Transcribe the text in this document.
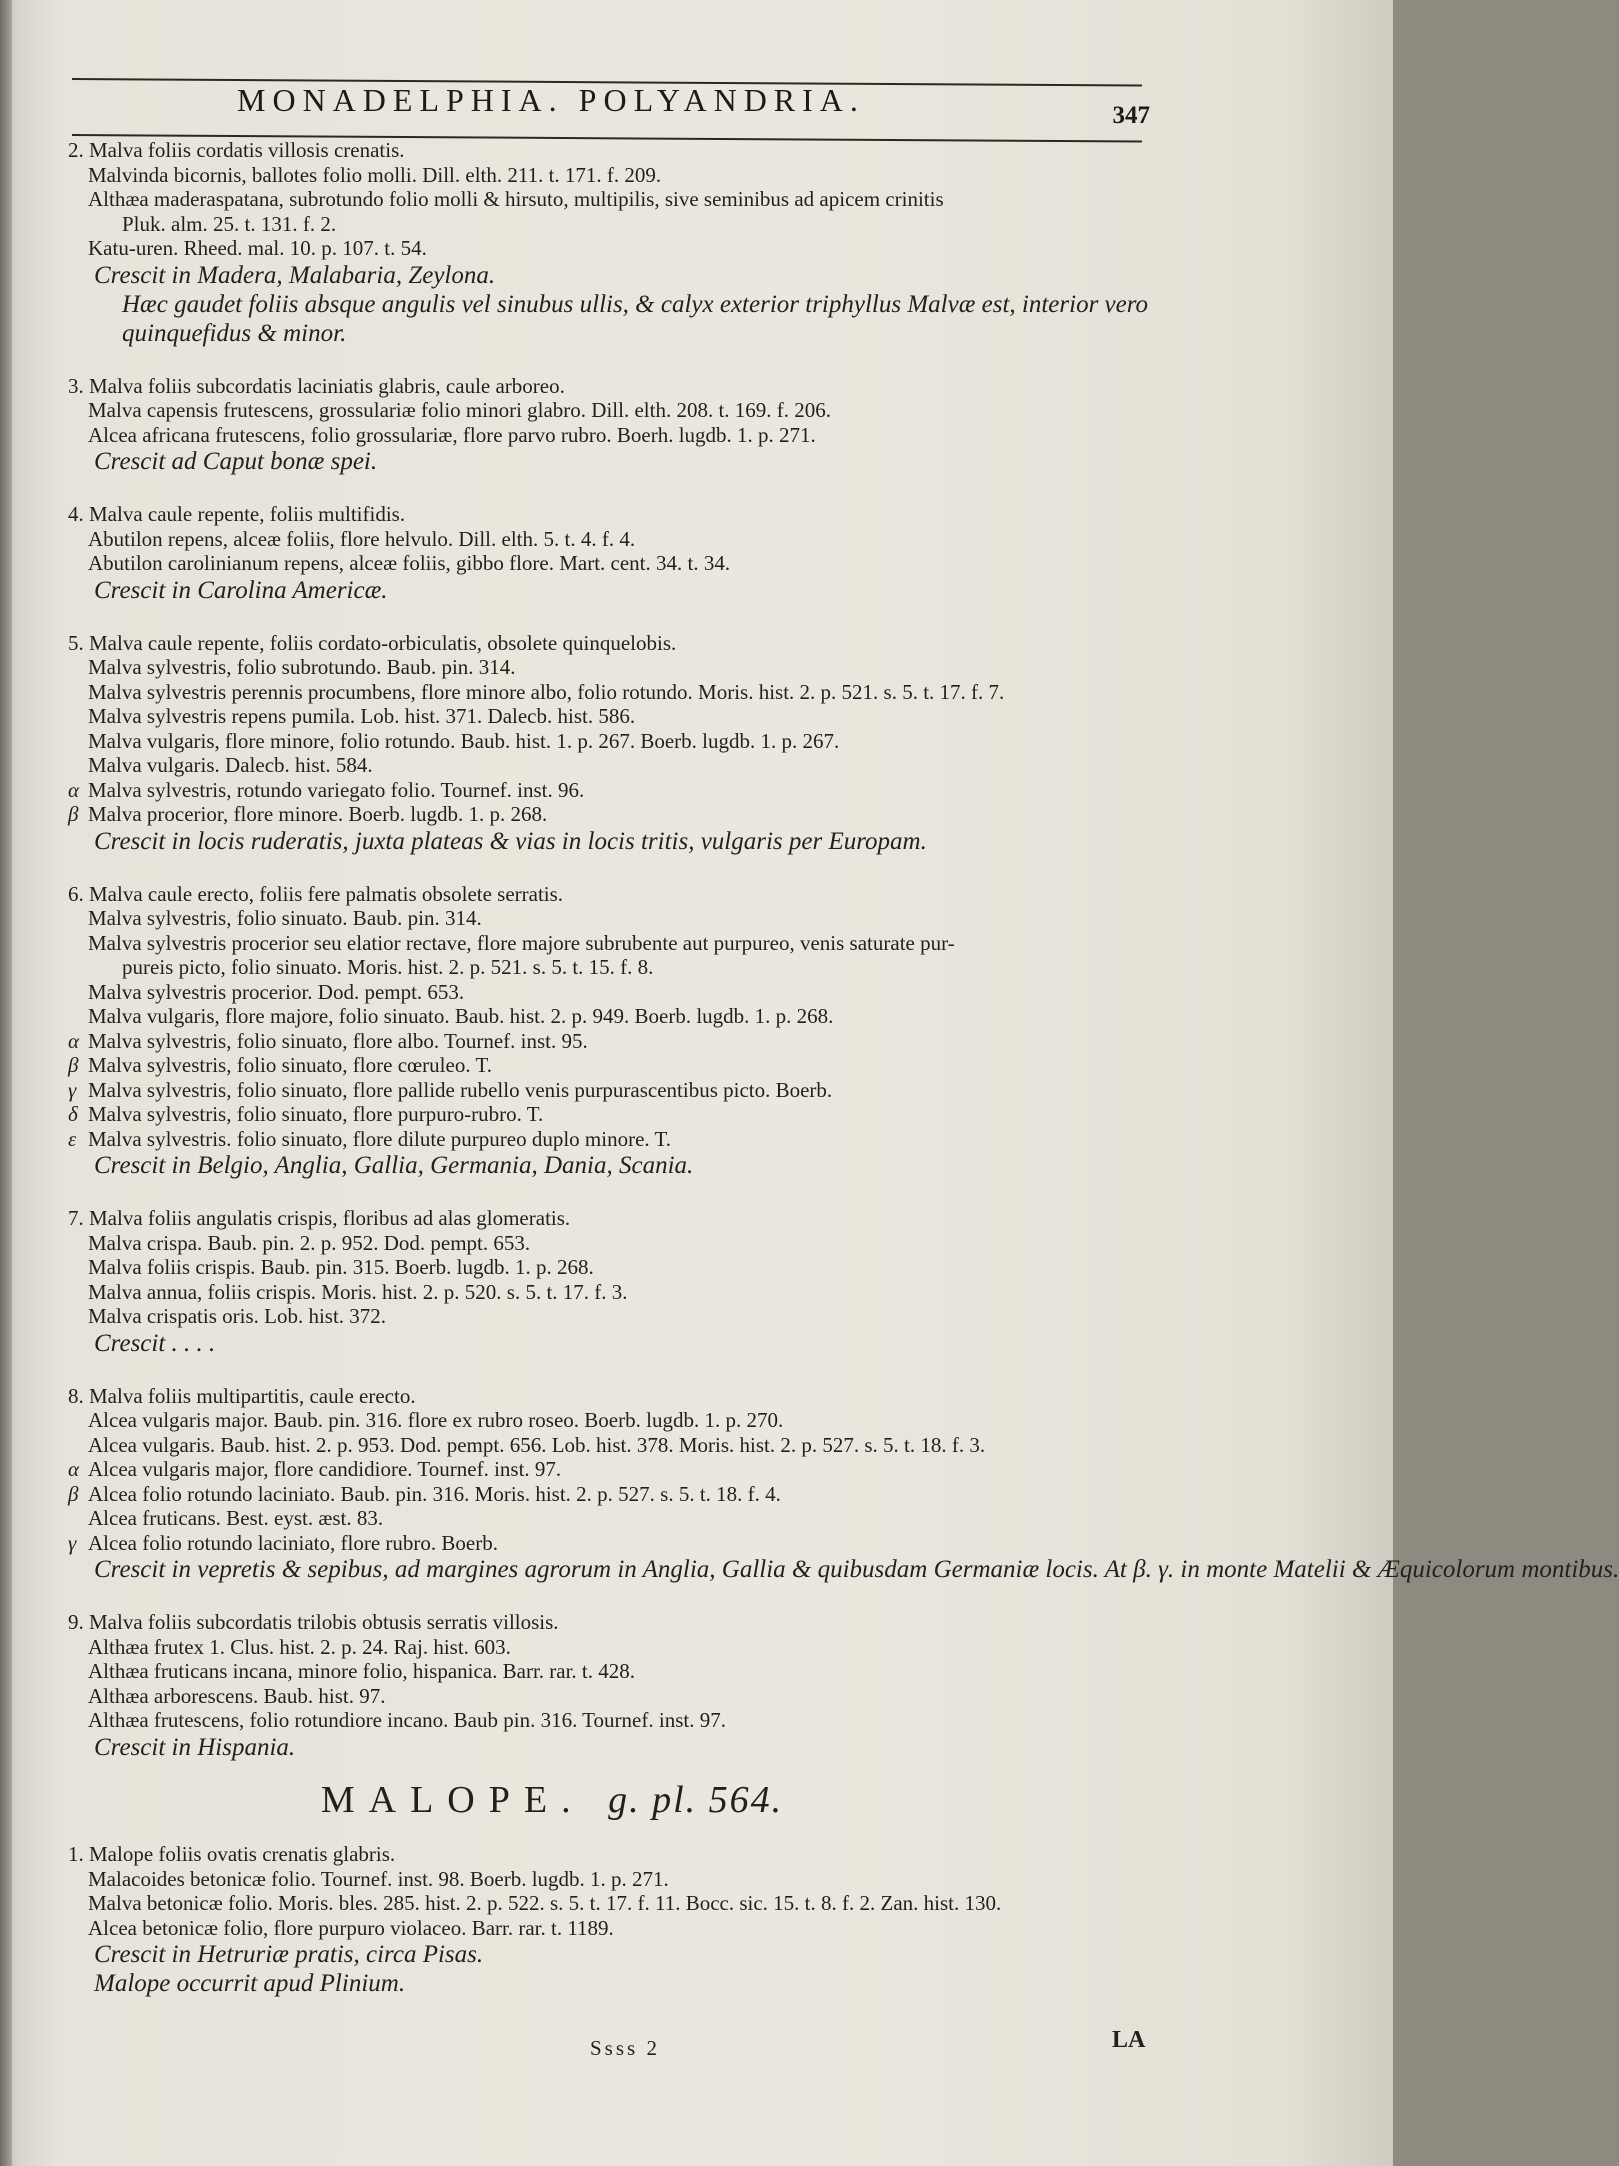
MONADELPHIA. POLYANDRIA.	347
2. Malva foliis cordatis villosis crenatis.
Malvinda bicornis, ballotes folio molli. Dill. elth. 211. t. 171. f. 209.
Althæa maderaspatana, subrotundo folio molli & hirsuto, multipilis, sive seminibus ad apicem crinitis
Pluk. alm. 25. t. 131. f. 2.
Katu-uren. Rheed. mal. 10. p. 107. t. 54.
Crescit in Madera, Malabaria, Zeylona.
Hæc gaudet foliis absque angulis vel sinubus ullis, & calyx exterior triphyllus Malvæ est, interior vero quinquefidus & minor.
3. Malva foliis subcordatis laciniatis glabris, caule arboreo.
Malva capensis frutescens, grossulariæ folio minori glabro. Dill. elth. 208. t. 169. f. 206.
Alcea africana frutescens, folio grossulariæ, flore parvo rubro. Boerh. lugdb. 1. p. 271.
Crescit ad Caput bonæ spei.
4. Malva caule repente, foliis multifidis.
Abutilon repens, alceæ foliis, flore helvulo. Dill. elth. 5. t. 4. f. 4.
Abutilon carolinianum repens, alceæ foliis, gibbo flore. Mart. cent. 34. t. 34.
Crescit in Carolina Americæ.
5. Malva caule repente, foliis cordato-orbiculatis, obsolete quinquelobis.
Malva sylvestris, folio subrotundo. Baub. pin. 314.
Malva sylvestris perennis procumbens, flore minore albo, folio rotundo. Moris. hist. 2. p. 521. s. 5. t. 17. f. 7.
Malva sylvestris repens pumila. Lob. hist. 371. Dalecb. hist. 586.
Malva vulgaris, flore minore, folio rotundo. Baub. hist. 1. p. 267. Boerb. lugdb. 1. p. 267.
Malva vulgaris. Dalecb. hist. 584.
α Malva sylvestris, rotundo variegato folio. Tournef. inst. 96.
β Malva procerior, flore minore. Boerb. lugdb. 1. p. 268.
Crescit in locis ruderatis, juxta plateas & vias in locis tritis, vulgaris per Europam.
6. Malva caule erecto, foliis fere palmatis obsolete serratis.
Malva sylvestris, folio sinuato. Baub. pin. 314.
Malva sylvestris procerior seu elatior rectave, flore majore subrubente aut purpureo, venis saturate pur-
pureis picto, folio sinuato. Moris. hist. 2. p. 521. s. 5. t. 15. f. 8.
Malva sylvestris procerior. Dod. pempt. 653.
Malva vulgaris, flore majore, folio sinuato. Baub. hist. 2. p. 949. Boerb. lugdb. 1. p. 268.
α Malva sylvestris, folio sinuato, flore albo. Tournef. inst. 95.
β Malva sylvestris, folio sinuato, flore cœruleo. T.
γ Malva sylvestris, folio sinuato, flore pallide rubello venis purpurascentibus picto. Boerb.
δ Malva sylvestris, folio sinuato, flore purpuro-rubro. T.
ε Malva sylvestris. folio sinuato, flore dilute purpureo duplo minore. T.
Crescit in Belgio, Anglia, Gallia, Germania, Dania, Scania.
7. Malva foliis angulatis crispis, floribus ad alas glomeratis.
Malva crispa. Baub. pin. 2. p. 952. Dod. pempt. 653.
Malva foliis crispis. Baub. pin. 315. Boerb. lugdb. 1. p. 268.
Malva annua, foliis crispis. Moris. hist. 2. p. 520. s. 5. t. 17. f. 3.
Malva crispatis oris. Lob. hist. 372.
Crescit . . . .
8. Malva foliis multipartitis, caule erecto.
Alcea vulgaris major. Baub. pin. 316. flore ex rubro roseo. Boerb. lugdb. 1. p. 270.
Alcea vulgaris. Baub. hist. 2. p. 953. Dod. pempt. 656. Lob. hist. 378. Moris. hist. 2. p. 527. s. 5. t. 18. f. 3.
α Alcea vulgaris major, flore candidiore. Tournef. inst. 97.
β Alcea folio rotundo laciniato. Baub. pin. 316. Moris. hist. 2. p. 527. s. 5. t. 18. f. 4.
Alcea fruticans. Best. eyst. æst. 83.
γ Alcea folio rotundo laciniato, flore rubro. Boerb.
Crescit in vepretis & sepibus, ad margines agrorum in Anglia, Gallia & quibusdam Germaniæ locis. At β. γ. in monte Matelii & Æquicolorum montibus.
9. Malva foliis subcordatis trilobis obtusis serratis villosis.
Althæa frutex 1. Clus. hist. 2. p. 24. Raj. hist. 603.
Althæa fruticans incana, minore folio, hispanica. Barr. rar. t. 428.
Althæa arborescens. Baub. hist. 97.
Althæa frutescens, folio rotundiore incano. Baub pin. 316. Tournef. inst. 97.
Crescit in Hispania.
MALOPE. g. pl. 564.
1. Malope foliis ovatis crenatis glabris.
Malacoides betonicæ folio. Tournef. inst. 98. Boerb. lugdb. 1. p. 271.
Malva betonicæ folio. Moris. bles. 285. hist. 2. p. 522. s. 5. t. 17. f. 11. Bocc. sic. 15. t. 8. f. 2. Zan. hist. 130.
Alcea betonicæ folio, flore purpuro violaceo. Barr. rar. t. 1189.
Crescit in Hetruriæ pratis, circa Pisas.
Malope occurrit apud Plinium.
Ssss 2	LA
